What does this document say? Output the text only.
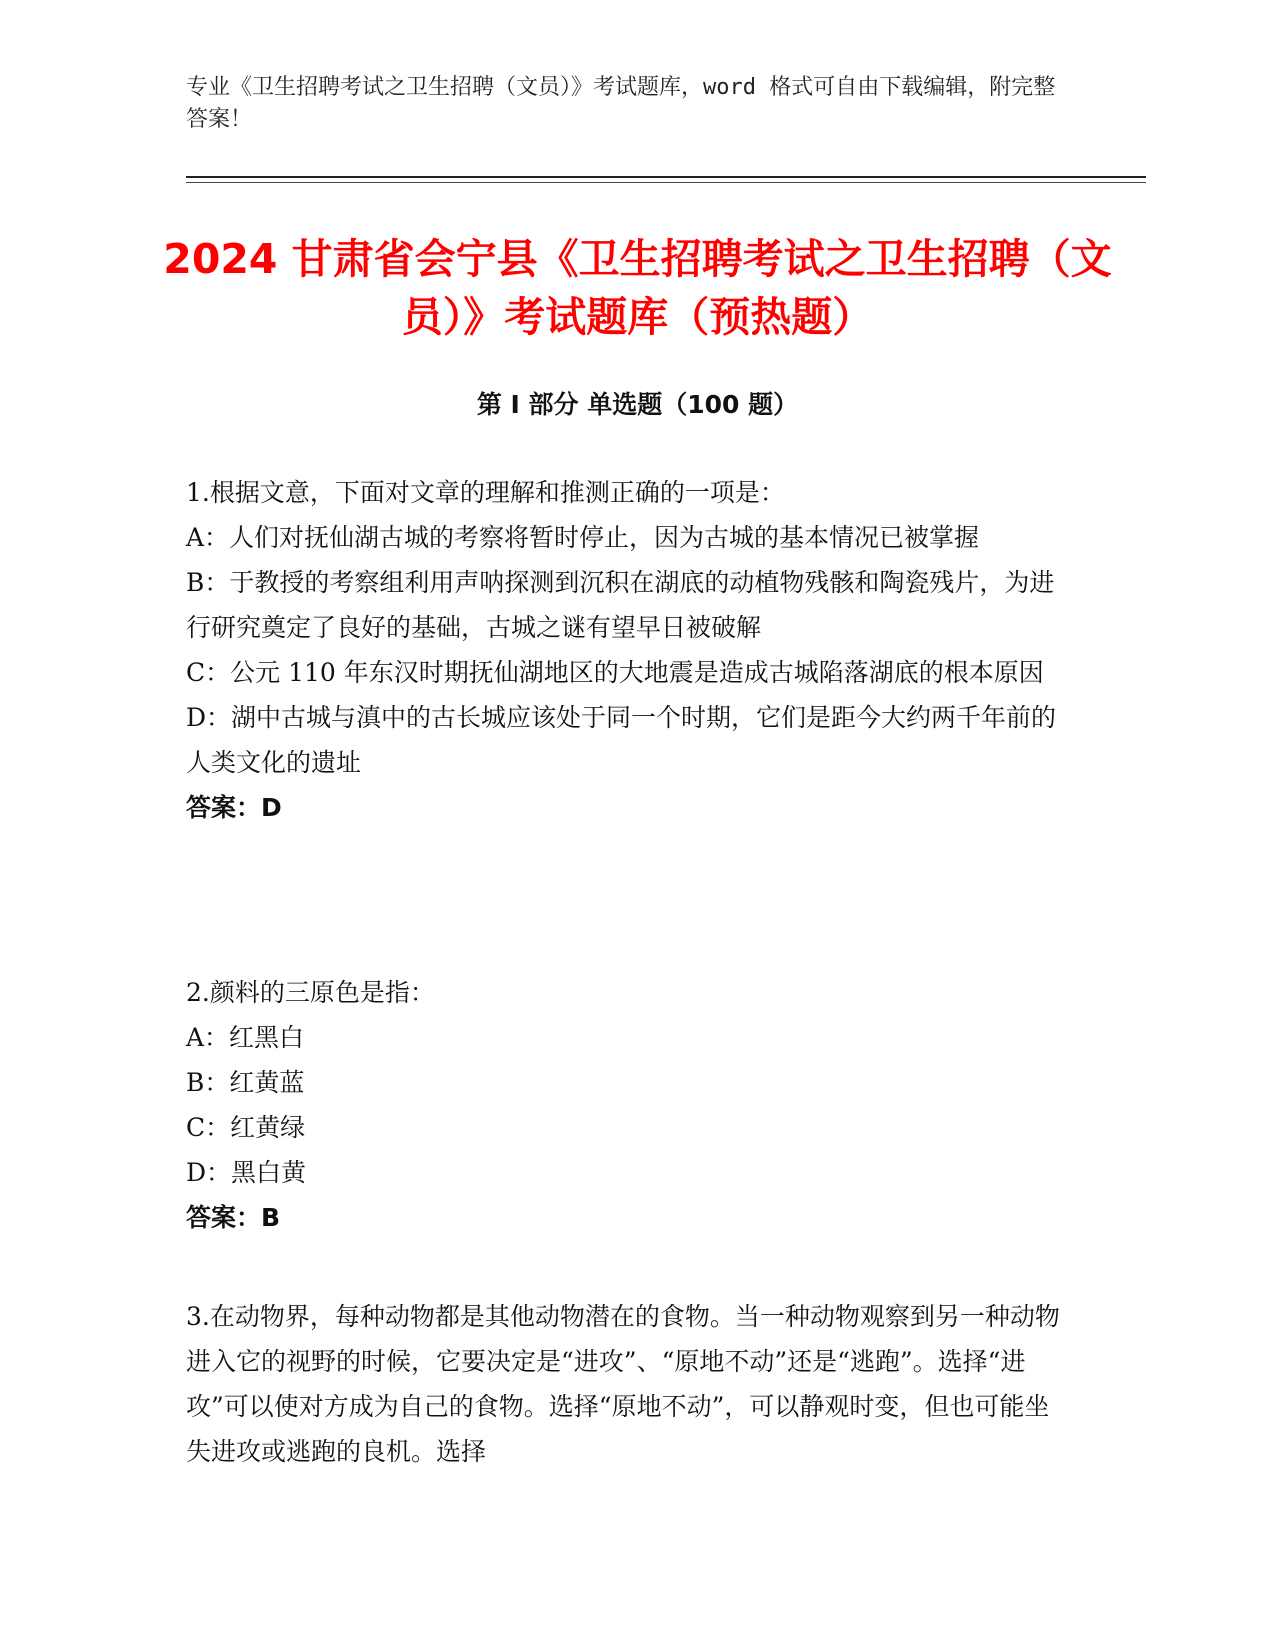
专业《卫生招聘考试之卫生招聘（文员）》考试题库，word 格式可自由下载编辑，附完整答案！
2024 甘肃省会宁县《卫生招聘考试之卫生招聘（文员）》考试题库（预热题）
第 I 部分 单选题（100 题）

1.根据文意，下面对文章的理解和推测正确的一项是：

A：人们对抚仙湖古城的考察将暂时停止，因为古城的基本情况已被掌握

B：于教授的考察组利用声呐探测到沉积在湖底的动植物残骸和陶瓷残片，为进行研究奠定了良好的基础，古城之谜有望早日被破解

C：公元 110 年东汉时期抚仙湖地区的大地震是造成古城陷落湖底的根本原因

D：湖中古城与滇中的古长城应该处于同一个时期，它们是距今大约两千年前的人类文化的遗址

答案：D

2.颜料的三原色是指：

A：红黑白

B：红黄蓝

C：红黄绿

D：黑白黄

答案：B

3.在动物界，每种动物都是其他动物潜在的食物。当一种动物观察到另一种动物进入它的视野的时候，它要决定是“进攻”、“原地不动”还是“逃跑”。选择“进攻”可以使对方成为自己的食物。选择“原地不动”，可以静观时变，但也可能坐失进攻或逃跑的良机。选择
